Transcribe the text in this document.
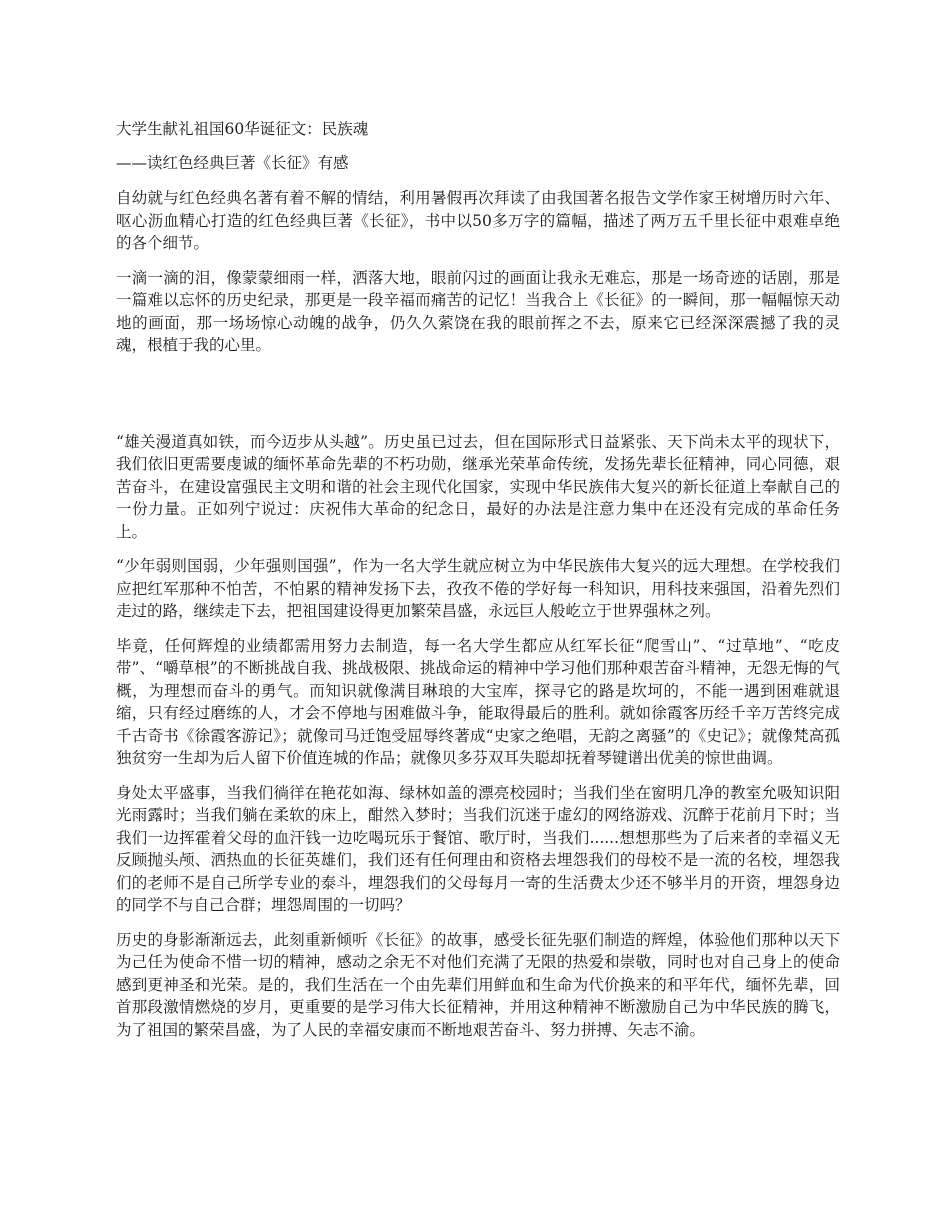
大学生献礼祖国60华诞征文：民族魂

——读红色经典巨著《长征》有感

自幼就与红色经典名著有着不解的情结，利用暑假再次拜读了由我国著名报告文学作家王树增历时六年、呕心沥血精心打造的红色经典巨著《长征》，书中以50多万字的篇幅，描述了两万五千里长征中艰难卓绝的各个细节。

一滴一滴的泪，像蒙蒙细雨一样，洒落大地，眼前闪过的画面让我永无难忘，那是一场奇迹的话剧，那是一篇难以忘怀的历史纪录，那更是一段辛福而痛苦的记忆！当我合上《长征》的一瞬间，那一幅幅惊天动地的画面，那一场场惊心动魄的战争，仍久久萦饶在我的眼前挥之不去，原来它已经深深震撼了我的灵魂，根植于我的心里。

“雄关漫道真如铁，而今迈步从头越”。历史虽已过去，但在国际形式日益紧张、天下尚未太平的现状下，我们依旧更需要虔诚的缅怀革命先辈的不朽功勋，继承光荣革命传统，发扬先辈长征精神，同心同德，艰苦奋斗，在建设富强民主文明和谐的社会主现代化国家，实现中华民族伟大复兴的新长征道上奉献自己的一份力量。正如列宁说过：庆祝伟大革命的纪念日，最好的办法是注意力集中在还没有完成的革命任务上。

“少年弱则国弱，少年强则国强”，作为一名大学生就应树立为中华民族伟大复兴的远大理想。在学校我们应把红军那种不怕苦，不怕累的精神发扬下去，孜孜不倦的学好每一科知识，用科技来强国，沿着先烈们走过的路，继续走下去，把祖国建设得更加繁荣昌盛，永远巨人般屹立于世界强林之列。

毕竟，任何辉煌的业绩都需用努力去制造，每一名大学生都应从红军长征“爬雪山”、“过草地”、“吃皮带”、“嚼草根”的不断挑战自我、挑战极限、挑战命运的精神中学习他们那种艰苦奋斗精神，无怨无悔的气概，为理想而奋斗的勇气。而知识就像满目琳琅的大宝库，探寻它的路是坎坷的，不能一遇到困难就退缩，只有经过磨练的人，才会不停地与困难做斗争，能取得最后的胜利。就如徐霞客历经千辛万苦终完成千古奇书《徐霞客游记》；就像司马迁饱受屈辱终著成“史家之绝唱，无韵之离骚”的《史记》；就像梵高孤独贫穷一生却为后人留下价值连城的作品；就像贝多芬双耳失聪却抚着琴键谱出优美的惊世曲调。

身处太平盛事，当我们徜徉在艳花如海、绿林如盖的漂亮校园时；当我们坐在窗明几净的教室允吸知识阳光雨露时；当我们躺在柔软的床上，酣然入梦时；当我们沉迷于虚幻的网络游戏、沉醉于花前月下时；当我们一边挥霍着父母的血汗钱一边吃喝玩乐于餐馆、歌厅时，当我们......想想那些为了后来者的幸福义无反顾抛头颅、洒热血的长征英雄们，我们还有任何理由和资格去埋怨我们的母校不是一流的名校，埋怨我们的老师不是自己所学专业的泰斗，埋怨我们的父母每月一寄的生活费太少还不够半月的开资，埋怨身边的同学不与自己合群；埋怨周围的一切吗？

历史的身影渐渐远去，此刻重新倾听《长征》的故事，感受长征先驱们制造的辉煌，体验他们那种以天下为己任为使命不惜一切的精神，感动之余无不对他们充满了无限的热爱和崇敬，同时也对自己身上的使命感到更神圣和光荣。是的，我们生活在一个由先辈们用鲜血和生命为代价换来的和平年代，缅怀先辈，回首那段激情燃烧的岁月，更重要的是学习伟大长征精神，并用这种精神不断激励自己为中华民族的腾飞，为了祖国的繁荣昌盛，为了人民的幸福安康而不断地艰苦奋斗、努力拼搏、矢志不渝。
